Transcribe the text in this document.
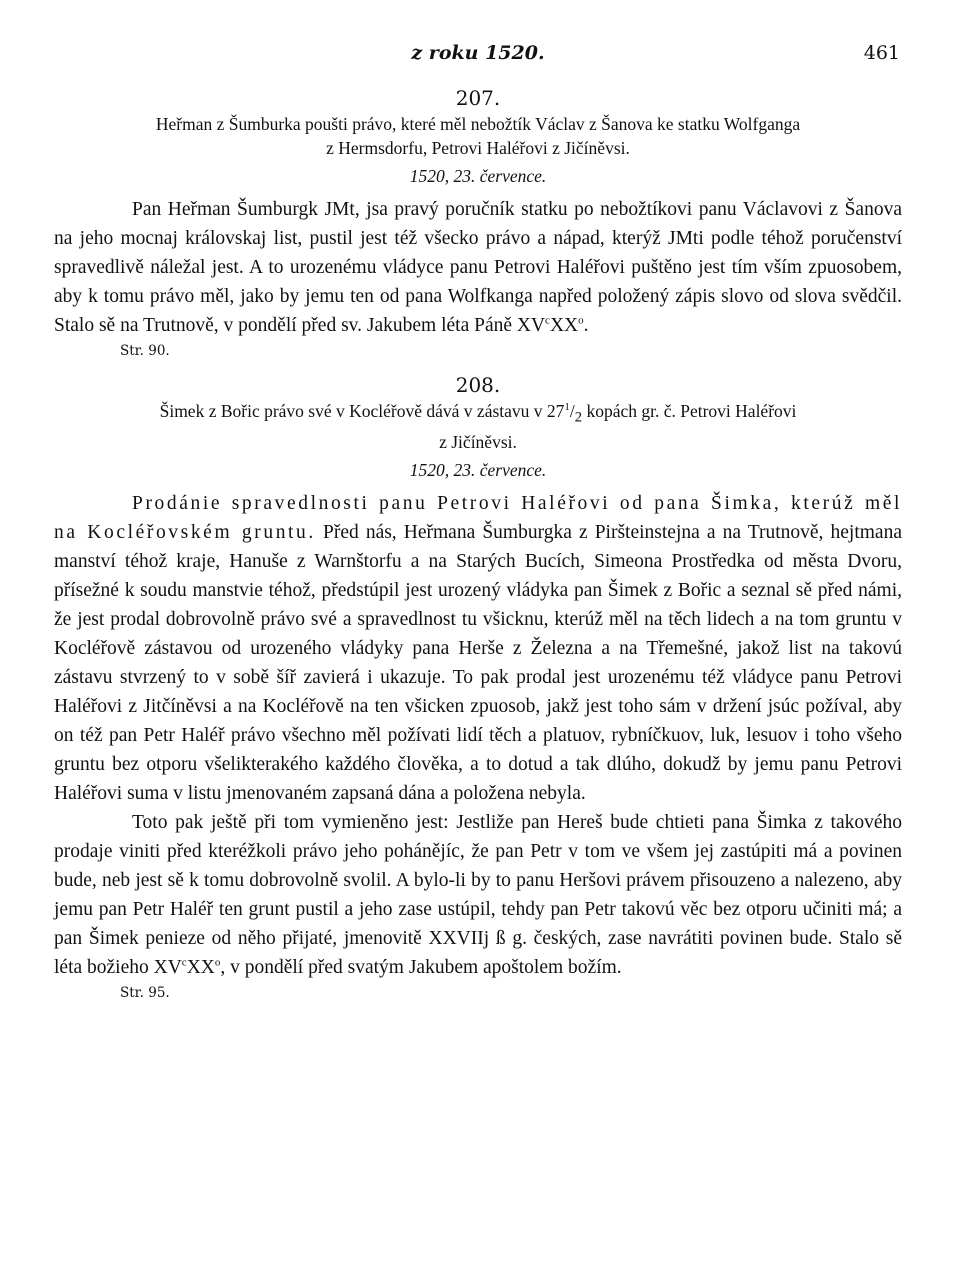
z roku 1520.	461
207.

Heřman z Šumburka poušti právo, které měl nebožtík Václav z Šanova ke statku Wolfganga
z Hermsdorfu, Petrovi Haléřovi z Jičíněvsi.

1520, 23. července.

Pan Heřman Šumburgk JMt, jsa pravý poručník statku po nebožtíkovi panu Václavovi z Šanova na jeho mocnaj královskaj list, pustil jest též všecko právo a nápad, kterýž JMti podle téhož poručenství spravedlivě náležal jest. A to urozenému vládyce panu Petrovi Haléřovi puštěno jest tím vším zpuosobem, aby k tomu právo měl, jako by jemu ten od pana Wolfkanga napřed položený zápis slovo od slova svědčil. Stalo sě na Trutnově, v pondělí před sv. Jakubem léta Páně $XV^cXX^o$.

Str. 90.
208.

Šimek z Bořic právo své v Kocléřově dává v zástavu v $27^1/_2$ kopách gr. č. Petrovi Haléřovi
z Jičíněvsi.

1520, 23. července.

Prodánie spravedlnosti panu Petrovi Haléřovi od pana Šimka, kterúž měl na Kocléřovském gruntu. Před nás, Heřmana Šumburgka z Piršteinstejna a na Trutnově, hejtmana manství téhož kraje, Hanuše z Warnštorfu a na Starých Bucích, Simeona Prostředka od města Dvoru, přísežné k soudu manstvie téhož, předstúpil jest urozený vládyka pan Šimek z Bořic a seznal sě před námi, že jest prodal dobrovolně právo své a spravedlnost tu všicknu, kterúž měl na těch lidech a na tom gruntu v Kocléřově zástavou od urozeného vládyky pana Herše z Železna a na Třemešné, jakož list na takovú zástavu stvrzený to v sobě šíř zavierá i ukazuje. To pak prodal jest urozenému též vládyce panu Petrovi Haléřovi z Jitčíněvsi a na Kocléřově na ten všicken zpuosob, jakž jest toho sám v držení jsúc požíval, aby on též pan Petr Haléř právo všechno měl požívati lidí těch a platuov, rybníčkuov, luk, lesuov i toho všeho gruntu bez otporu všelikterakého každého člověka, a to dotud a tak dlúho, dokudž by jemu panu Petrovi Haléřovi suma v listu jmenovaném zapsaná dána a položena nebyla.

Toto pak ještě při tom vymieněno jest: Jestliže pan Hereš bude chtieti pana Šimka z takového prodaje viniti před kteréžkoli právo jeho pohánějíc, že pan Petr v tom ve všem jej zastúpiti má a povinen bude, neb jest sě k tomu dobrovolně svolil. A bylo-li by to panu Heršovi právem přisouzeno a nalezeno, aby jemu pan Petr Haléř ten grunt pustil a jeho zase ustúpil, tehdy pan Petr takovú věc bez otporu učiniti má; a pan Šimek penieze od něho přijaté, jmenovitě XXVIIj ß g. českých, zase navrátiti povinen bude. Stalo sě léta božieho $XV^cXX^o$, v pondělí před svatým Jakubem apoštolem božím.

Str. 95.
